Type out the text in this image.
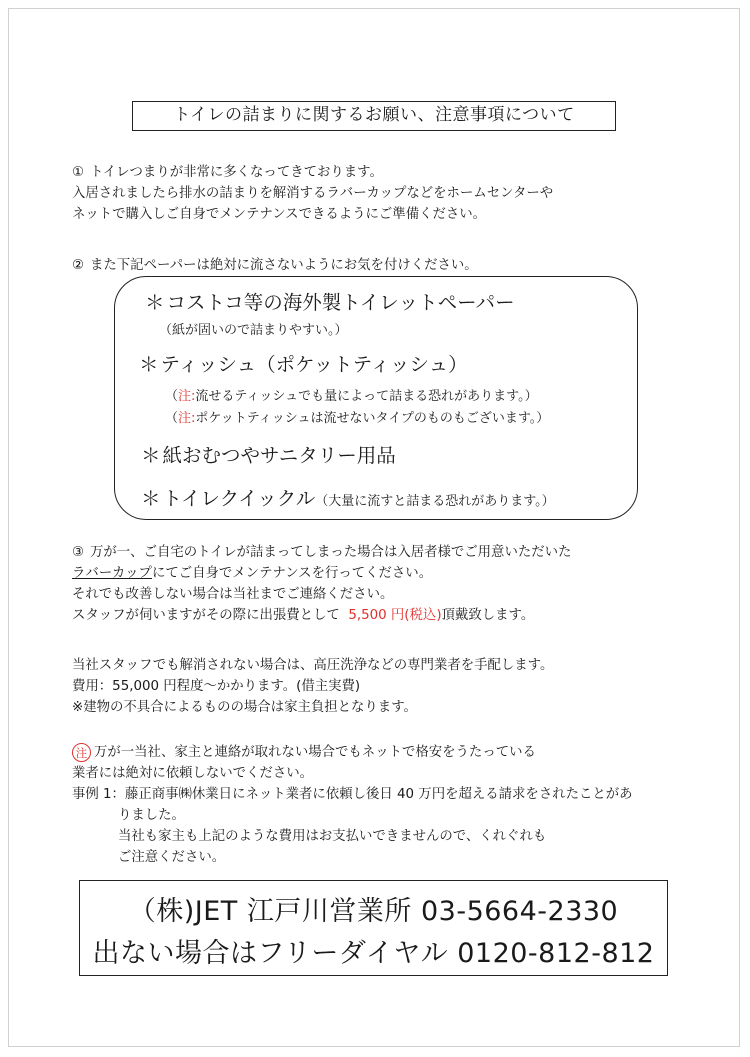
トイレの詰まりに関するお願い、注意事項について
① トイレつまりが非常に多くなってきております。
入居されましたら排水の詰まりを解消するラバーカップなどをホームセンターや
ネットで購入しご自身でメンテナンスできるようにご準備ください。
② また下記ペーパーは絶対に流さないようにお気を付けください。
＊ コストコ等の海外製トイレットペーパー
（紙が固いので詰まりやすい。）
＊ ティッシュ（ポケットティッシュ）
（注:流せるティッシュでも量によって詰まる恐れがあります。）
（注:ポケットティッシュは流せないタイプのものもございます。）
＊ 紙おむつやサニタリー用品
＊ トイレクイックル（大量に流すと詰まる恐れがあります。）
③ 万が一、ご自宅のトイレが詰まってしまった場合は入居者様でご用意いただいた
ラバーカップにてご自身でメンテナンスを行ってください。
それでも改善しない場合は当社までご連絡ください。
スタッフが伺いますがその際に出張費として 5,500 円(税込)頂戴致します。
当社スタッフでも解消されない場合は、高圧洗浄などの専門業者を手配します。
費用：55,000 円程度～かかります。(借主実費)
※建物の不具合によるものの場合は家主負担となります。
注 万が一当社、家主と連絡が取れない場合でもネットで格安をうたっている
業者には絶対に依頼しないでください。
事例 1：藤正商事㈱休業日にネット業者に依頼し後日 40 万円を超える請求をされたことがあ
りました。
当社も家主も上記のような費用はお支払いできませんので、くれぐれも
ご注意ください。
（株)JET 江戸川営業所 03-5664-2330
出ない場合はフリーダイヤル 0120-812-812
